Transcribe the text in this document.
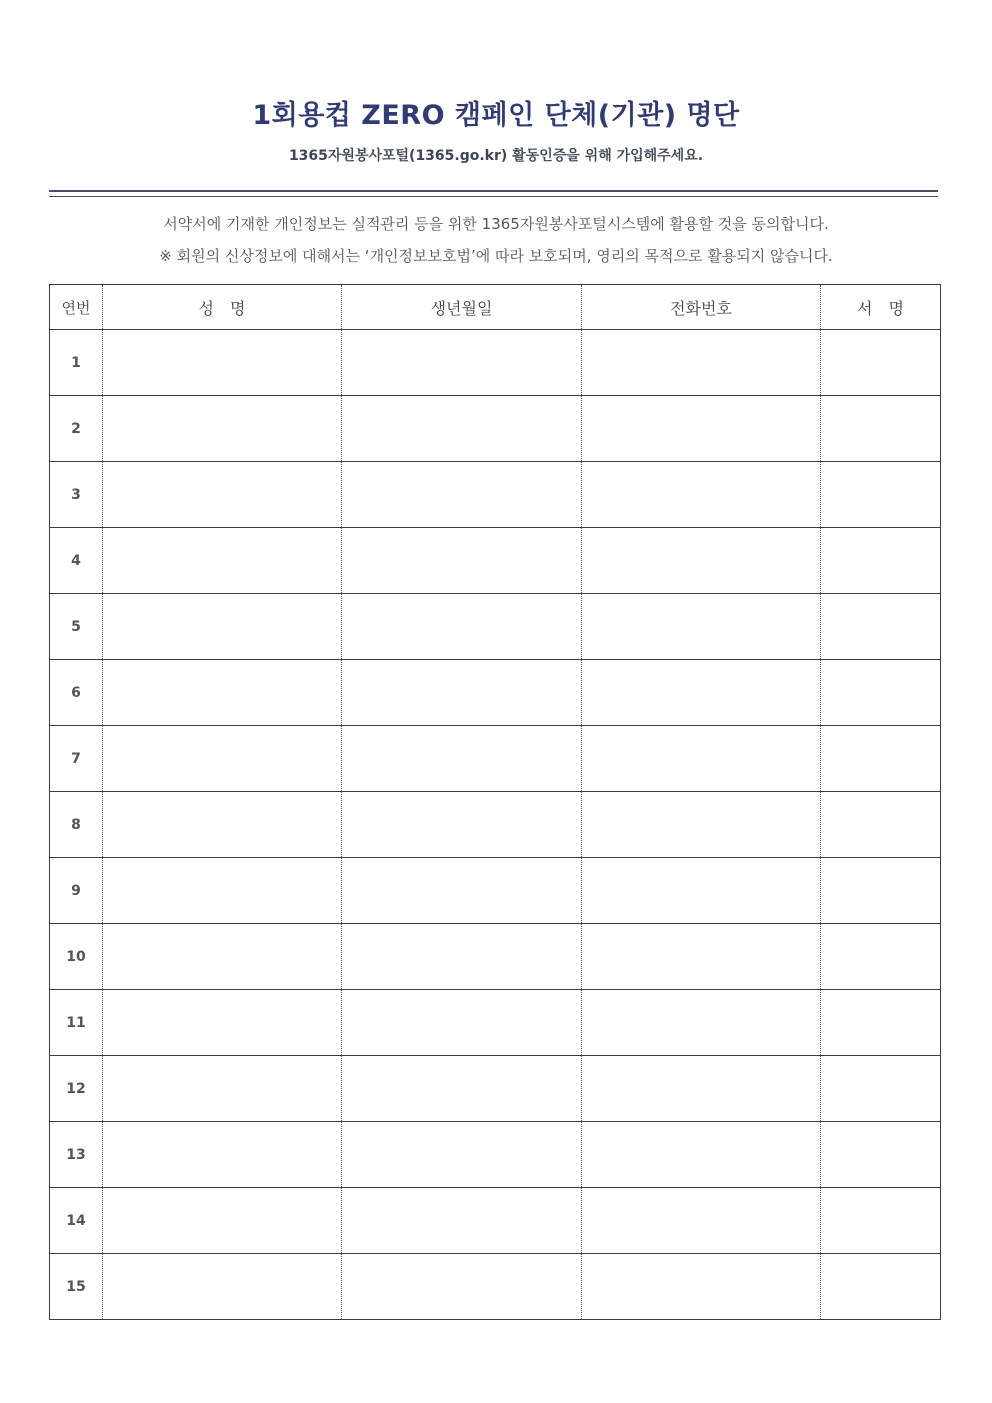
1회용컵 ZERO 캠페인 단체(기관) 명단
1365자원봉사포털(1365.go.kr) 활동인증을 위해 가입해주세요.
서약서에 기재한 개인정보는 실적관리 등을 위한 1365자원봉사포털시스템에 활용할 것을 동의합니다.
※ 회원의 신상정보에 대해서는 ‘개인정보보호법’에 따라 보호되며, 영리의 목적으로 활용되지 않습니다.
연번	성　명	생년월일	전화번호	서　명
1				
2				
3				
4				
5				
6				
7				
8				
9				
10				
11				
12				
13				
14				
15				
